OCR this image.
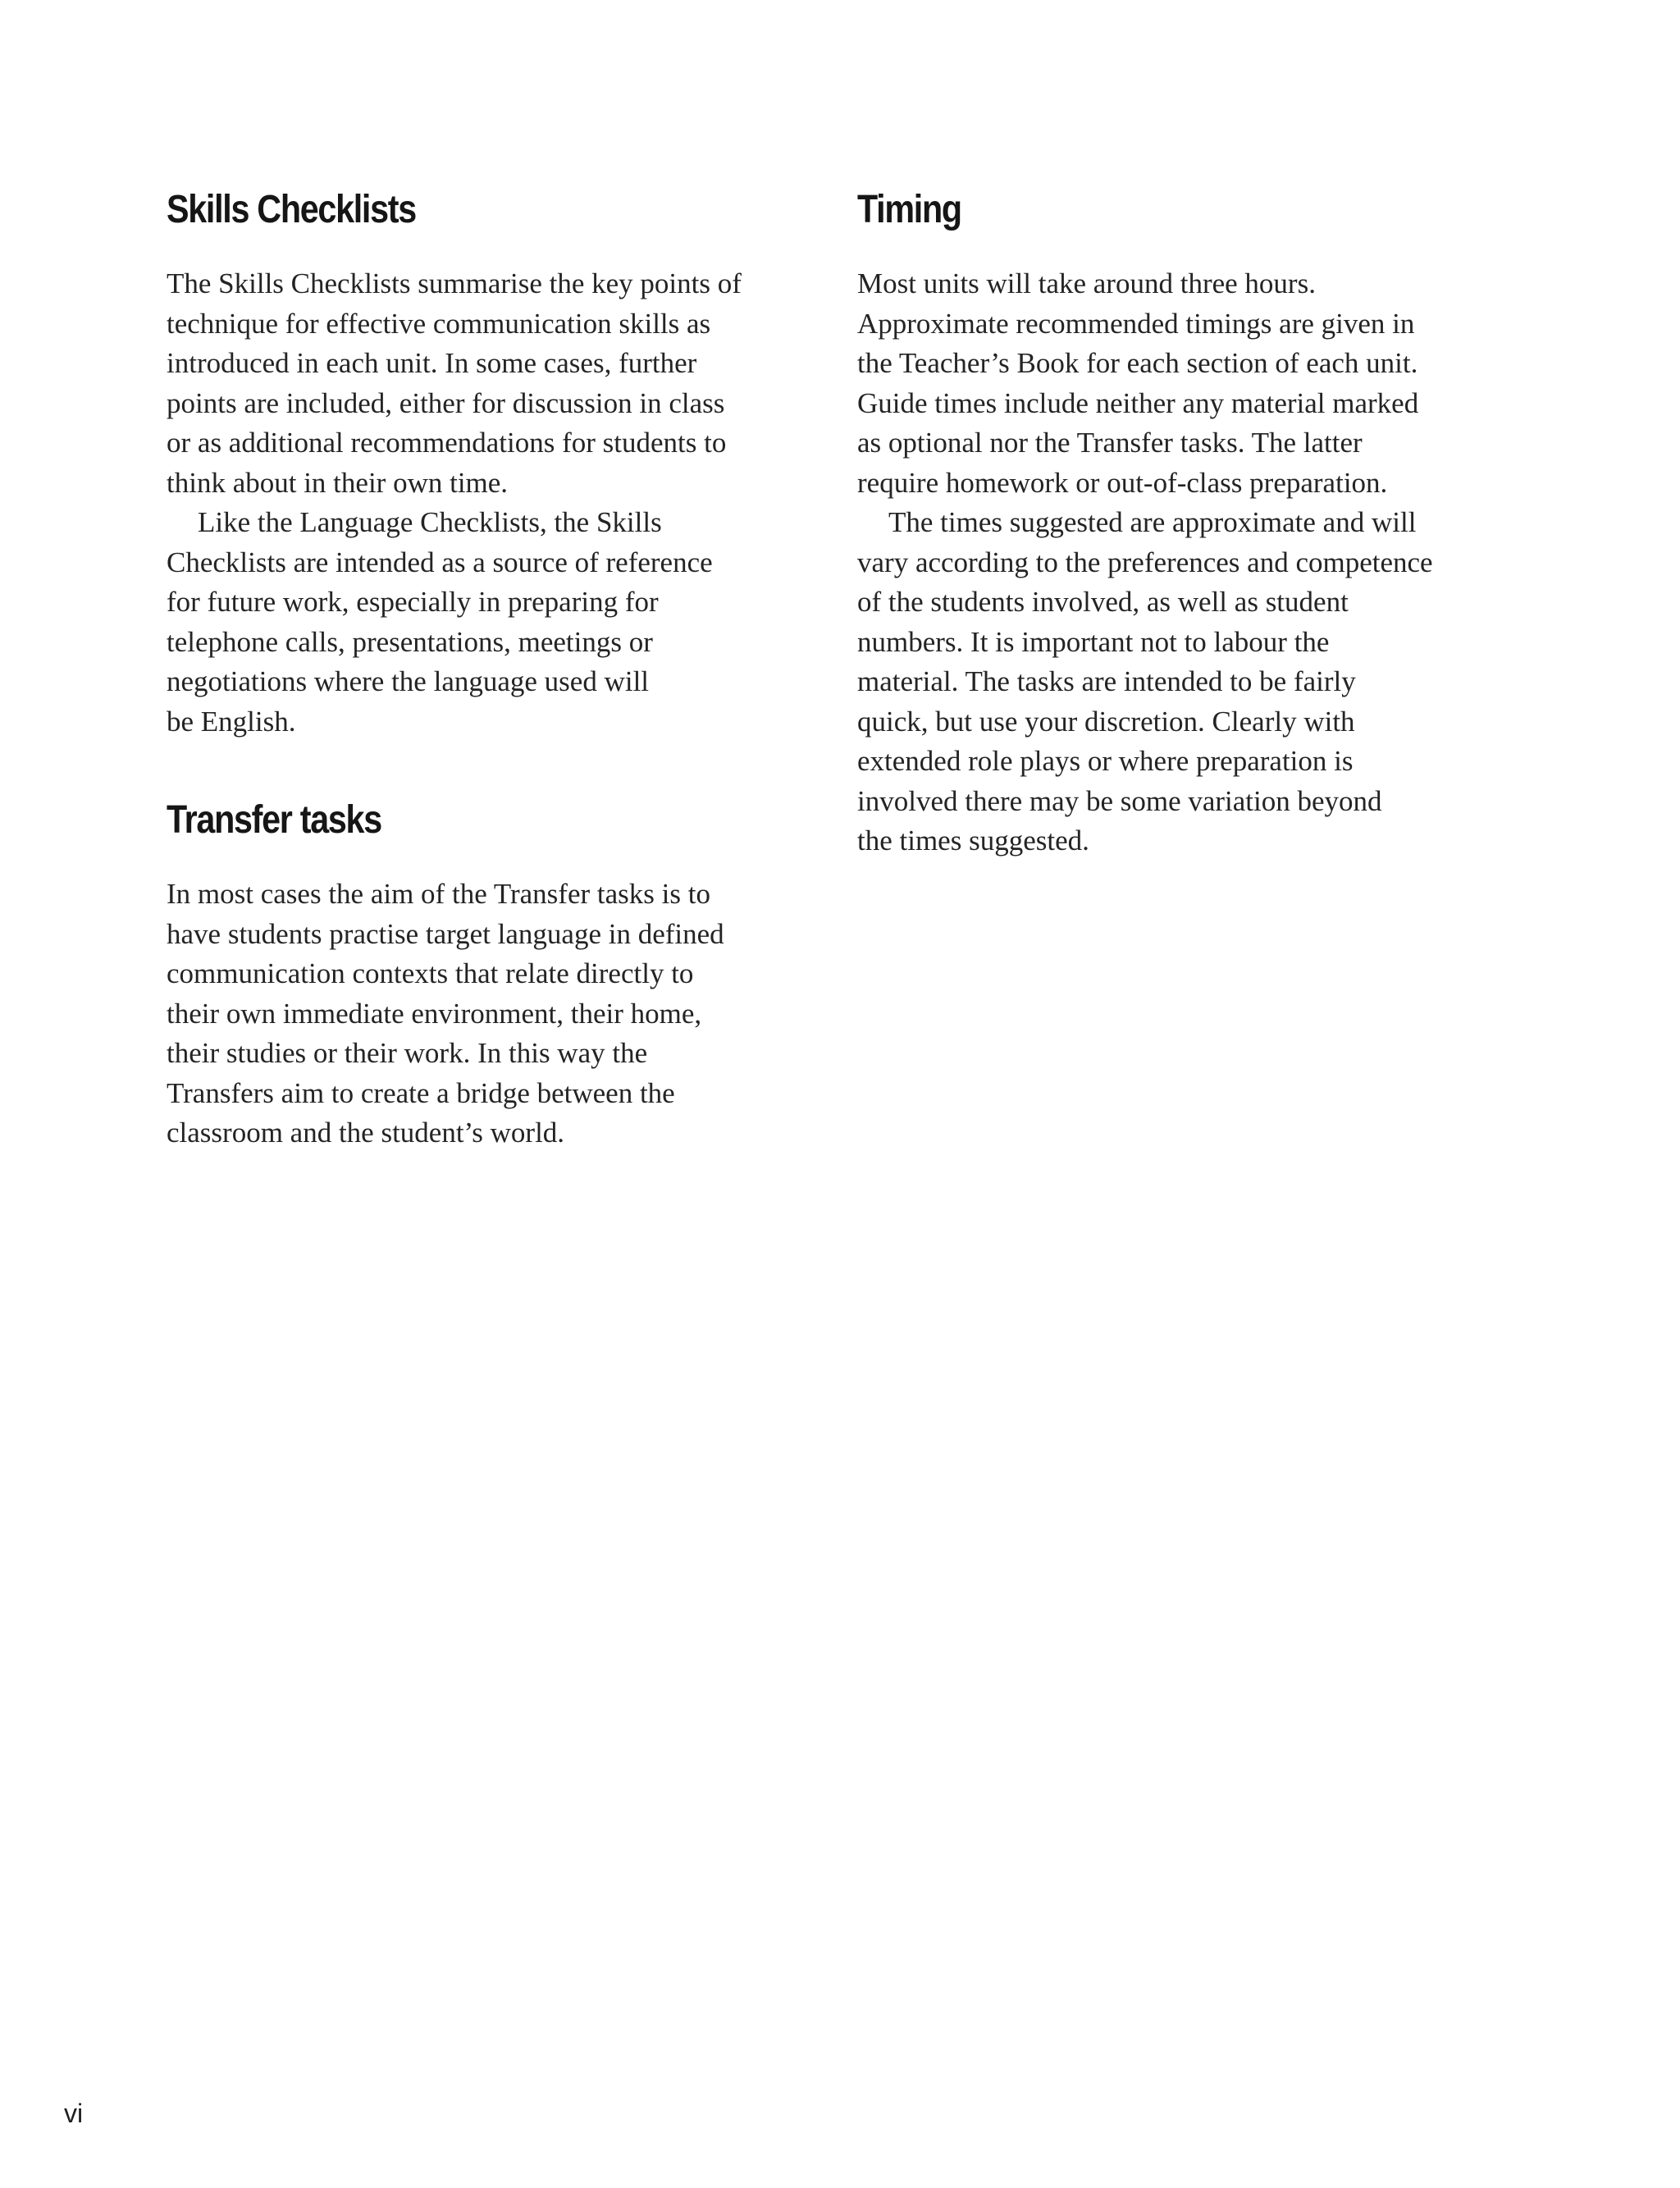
Skills Checklists

The Skills Checklists summarise the key points of
technique for effective communication skills as
introduced in each unit. In some cases, further
points are included, either for discussion in class
or as additional recommendations for students to
think about in their own time.

Like the Language Checklists, the Skills
Checklists are intended as a source of reference
for future work, especially in preparing for
telephone calls, presentations, meetings or
negotiations where the language used will
be English.

Transfer tasks

In most cases the aim of the Transfer tasks is to
have students practise target language in defined
communication contexts that relate directly to
their own immediate environment, their home,
their studies or their work. In this way the
Transfers aim to create a bridge between the
classroom and the student’s world.

Timing

Most units will take around three hours.
Approximate recommended timings are given in
the Teacher’s Book for each section of each unit.
Guide times include neither any material marked
as optional nor the Transfer tasks. The latter
require homework or out-of-class preparation.

The times suggested are approximate and will
vary according to the preferences and competence
of the students involved, as well as student
numbers. It is important not to labour the
material. The tasks are intended to be fairly
quick, but use your discretion. Clearly with
extended role plays or where preparation is
involved there may be some variation beyond
the times suggested.

vi
